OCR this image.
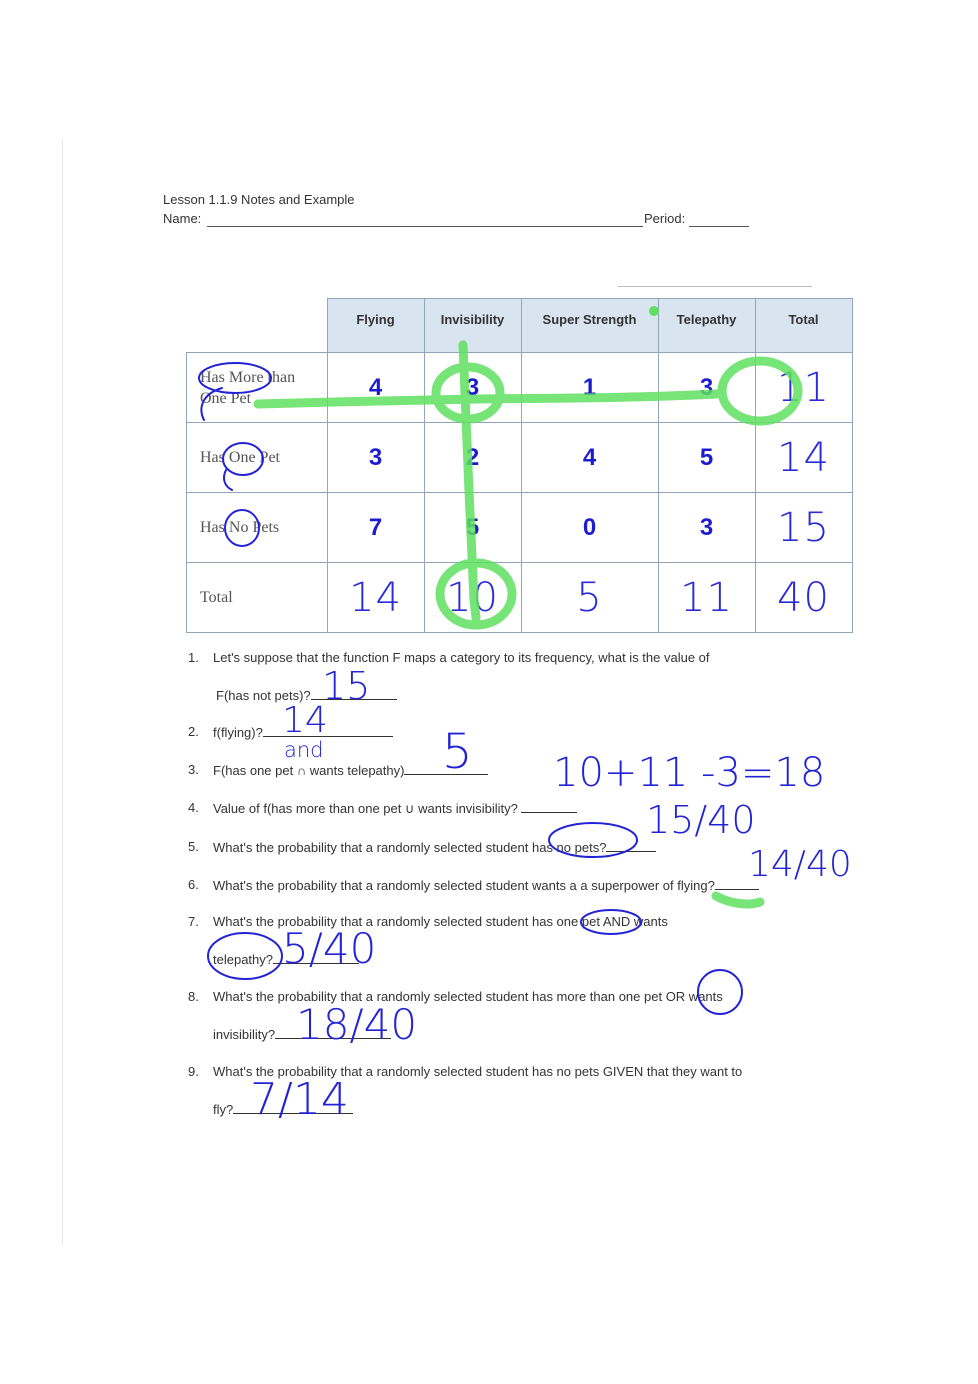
Lesson 1.1.9 Notes and Example
Name:	Period:
	Flying	Invisibility	Super Strength	Telepathy	Total
Has More than
One Pet	4	3	1	3	11
Has One Pet	3	2	4	5	14
Has No Pets	7	5	0	3	15
Total	14	10	5	11	40
1. Let's suppose that the function F maps a category to its frequency, what is the value of
F(has not pets)?
2. f(flying)?
3. F(has one pet ∩ wants telepathy)
4. Value of f(has more than one pet ∪ wants invisibility?
5. What's the probability that a randomly selected student has no pets?
6. What's the probability that a randomly selected student wants a a superpower of flying?
7. What's the probability that a randomly selected student has one pet AND wants
telepathy?
8. What's the probability that a randomly selected student has more than one pet OR wants
invisibility?
9. What's the probability that a randomly selected student has no pets GIVEN that they want to
fly?
15
14
and 5 10+11 -3=18
15/40
14/40
5/40
18/40
7/14
